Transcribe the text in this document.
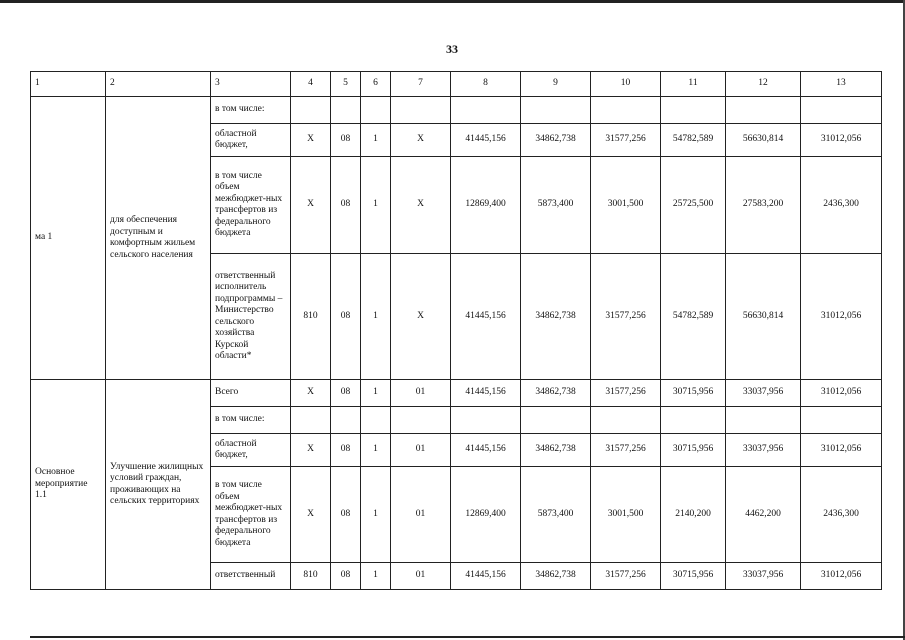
33
1	2	3	4	5	6	7	8	9	10	11	12	13
ма 1	для обеспечения доступным и комфортным жильем сельского населения	в том числе:										
		областной бюджет,	Х	08	1	Х	41445,156	34862,738	31577,256	54782,589	56630,814	31012,056
		в том числе объем межбюджет-ных трансфертов из федерального бюджета	Х	08	1	Х	12869,400	5873,400	3001,500	25725,500	27583,200	2436,300
		ответственный исполнитель подпрограммы – Министерство сельского хозяйства Курской области*	810	08	1	Х	41445,156	34862,738	31577,256	54782,589	56630,814	31012,056
Основное мероприятие 1.1	Улучшение жилищных условий граждан, проживающих на сельских территориях	Всего	Х	08	1	01	41445,156	34862,738	31577,256	30715,956	33037,956	31012,056
		в том числе:										
		областной бюджет,	Х	08	1	01	41445,156	34862,738	31577,256	30715,956	33037,956	31012,056
		в том числе объем межбюджет-ных трансфертов из федерального бюджета	Х	08	1	01	12869,400	5873,400	3001,500	2140,200	4462,200	2436,300
		ответственный	810	08	1	01	41445,156	34862,738	31577,256	30715,956	33037,956	31012,056
